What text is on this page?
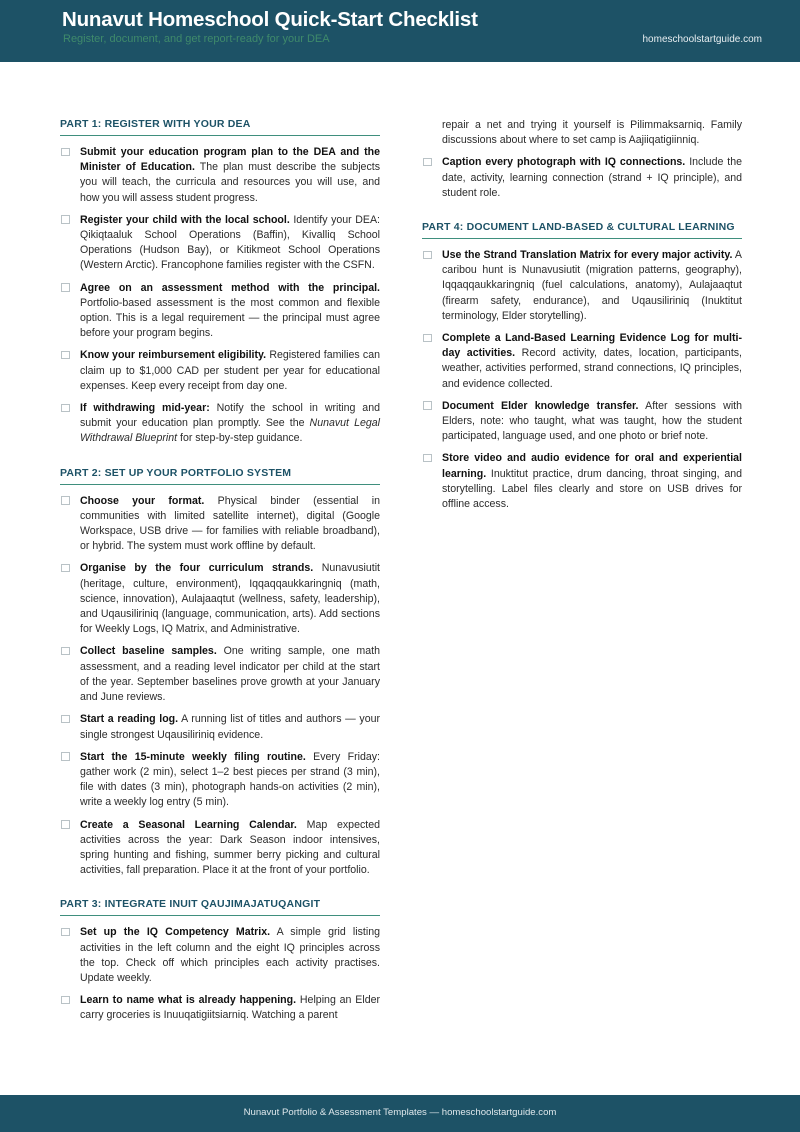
Nunavut Homeschool Quick-Start Checklist
Register, document, and get report-ready for your DEA	homeschoolstartguide.com
PART 1: REGISTER WITH YOUR DEA
Submit your education program plan to the DEA and the Minister of Education. The plan must describe the subjects you will teach, the curricula and resources you will use, and how you will assess student progress.
Register your child with the local school. Identify your DEA: Qikiqtaaluk School Operations (Baffin), Kivalliq School Operations (Hudson Bay), or Kitikmeot School Operations (Western Arctic). Francophone families register with the CSFN.
Agree on an assessment method with the principal. Portfolio-based assessment is the most common and flexible option. This is a legal requirement — the principal must agree before your program begins.
Know your reimbursement eligibility. Registered families can claim up to $1,000 CAD per student per year for educational expenses. Keep every receipt from day one.
If withdrawing mid-year: Notify the school in writing and submit your education plan promptly. See the Nunavut Legal Withdrawal Blueprint for step-by-step guidance.
PART 2: SET UP YOUR PORTFOLIO SYSTEM
Choose your format. Physical binder (essential in communities with limited satellite internet), digital (Google Workspace, USB drive — for families with reliable broadband), or hybrid. The system must work offline by default.
Organise by the four curriculum strands. Nunavusiutit (heritage, culture, environment), Iqqaqqaukkaringniq (math, science, innovation), Aulajaaqtut (wellness, safety, leadership), and Uqausiliriniq (language, communication, arts). Add sections for Weekly Logs, IQ Matrix, and Administrative.
Collect baseline samples. One writing sample, one math assessment, and a reading level indicator per child at the start of the year. September baselines prove growth at your January and June reviews.
Start a reading log. A running list of titles and authors — your single strongest Uqausiliriniq evidence.
Start the 15-minute weekly filing routine. Every Friday: gather work (2 min), select 1–2 best pieces per strand (3 min), file with dates (3 min), photograph hands-on activities (2 min), write a weekly log entry (5 min).
Create a Seasonal Learning Calendar. Map expected activities across the year: Dark Season indoor intensives, spring hunting and fishing, summer berry picking and cultural activities, fall preparation. Place it at the front of your portfolio.
PART 3: INTEGRATE INUIT QAUJIMAJATUQANGIT
Set up the IQ Competency Matrix. A simple grid listing activities in the left column and the eight IQ principles across the top. Check off which principles each activity practises. Update weekly.
Learn to name what is already happening. Helping an Elder carry groceries is Inuuqatigiitsiarniq. Watching a parent
repair a net and trying it yourself is Pilimmaksarniq. Family discussions about where to set camp is Aajiiqatigiinniq.
Caption every photograph with IQ connections. Include the date, activity, learning connection (strand + IQ principle), and student role.
PART 4: DOCUMENT LAND-BASED & CULTURAL LEARNING
Use the Strand Translation Matrix for every major activity. A caribou hunt is Nunavusiutit (migration patterns, geography), Iqqaqqaukkaringniq (fuel calculations, anatomy), Aulajaaqtut (firearm safety, endurance), and Uqausiliriniq (Inuktitut terminology, Elder storytelling).
Complete a Land-Based Learning Evidence Log for multi-day activities. Record activity, dates, location, participants, weather, activities performed, strand connections, IQ principles, and evidence collected.
Document Elder knowledge transfer. After sessions with Elders, note: who taught, what was taught, how the student participated, language used, and one photo or brief note.
Store video and audio evidence for oral and experiential learning. Inuktitut practice, drum dancing, throat singing, and storytelling. Label files clearly and store on USB drives for offline access.
Nunavut Portfolio & Assessment Templates — homeschoolstartguide.com
